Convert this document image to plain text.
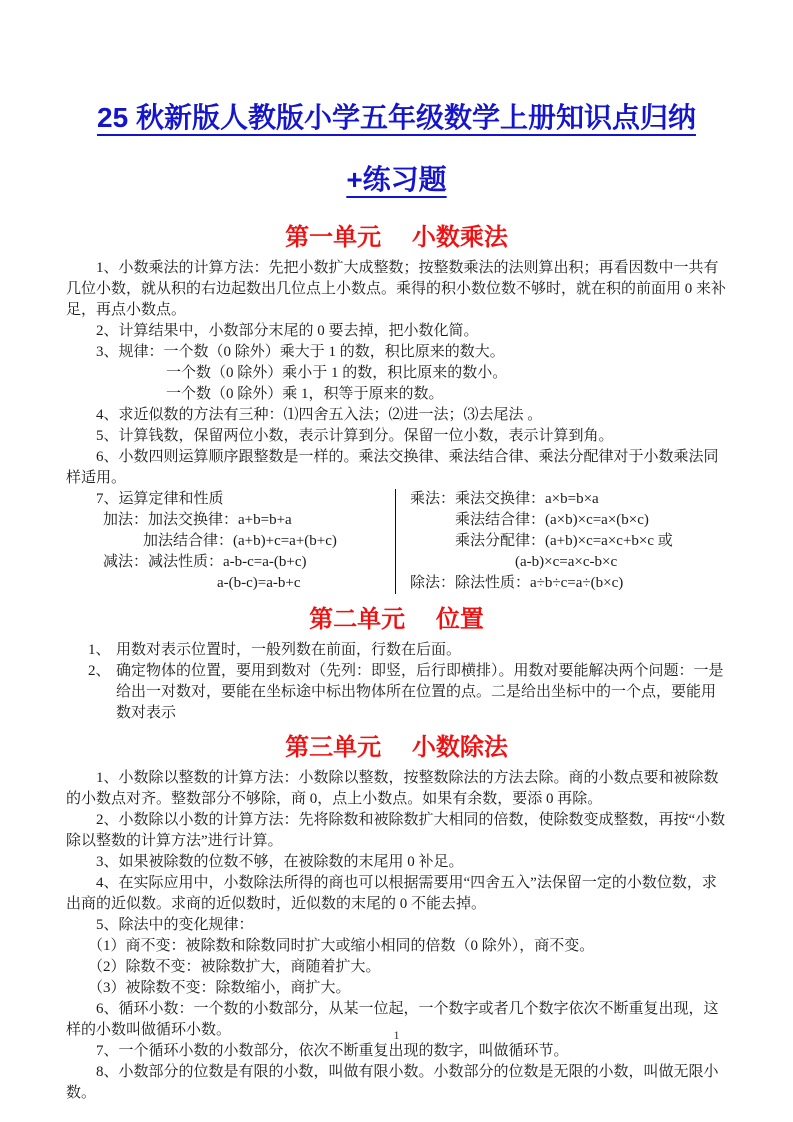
25 秋新版人教版小学五年级数学上册知识点归纳
+练习题
第一单元　 小数乘法
1、小数乘法的计算方法：先把小数扩大成整数；按整数乘法的法则算出积；再看因数中一共有几位小数，就从积的右边起数出几位点上小数点。乘得的积小数位数不够时，就在积的前面用 0 来补足，再点小数点。
2、计算结果中，小数部分末尾的 0 要去掉，把小数化简。
3、规律：一个数（0 除外）乘大于 1 的数，积比原来的数大。
一个数（0 除外）乘小于 1 的数，积比原来的数小。
一个数（0 除外）乘 1，积等于原来的数。
4、求近似数的方法有三种：⑴四舍五入法；⑵进一法；⑶去尾法 。
5、计算钱数，保留两位小数，表示计算到分。保留一位小数，表示计算到角。
6、小数四则运算顺序跟整数是一样的。乘法交换律、乘法结合律、乘法分配律对于小数乘法同样适用。
7、运算定律和性质
加法：加法交换律：a+b=b+a
加法结合律：(a+b)+c=a+(b+c)
减法：减法性质：a-b-c=a-(b+c)
a-(b-c)=a-b+c
乘法：乘法交换律：a×b=b×a
乘法结合律：(a×b)×c=a×(b×c)
乘法分配律：(a+b)×c=a×c+b×c 或
(a-b)×c=a×c-b×c
除法：除法性质：a÷b÷c=a÷(b×c)
第二单元　 位置
1、 用数对表示位置时，一般列数在前面，行数在后面。
2、 确定物体的位置，要用到数对（先列：即竖，后行即横排）。用数对要能解决两个问题：一是给出一对数对，要能在坐标途中标出物体所在位置的点。二是给出坐标中的一个点，要能用数对表示
第三单元　 小数除法
1、小数除以整数的计算方法：小数除以整数，按整数除法的方法去除。商的小数点要和被除数的小数点对齐。整数部分不够除，商 0，点上小数点。如果有余数，要添 0 再除。
2、小数除以小数的计算方法：先将除数和被除数扩大相同的倍数，使除数变成整数，再按“小数除以整数的计算方法”进行计算。
3、如果被除数的位数不够，在被除数的末尾用 0 补足。
4、在实际应用中，小数除法所得的商也可以根据需要用“四舍五入”法保留一定的小数位数，求出商的近似数。求商的近似数时，近似数的末尾的 0 不能去掉。
5、除法中的变化规律：
（1）商不变：被除数和除数同时扩大或缩小相同的倍数（0 除外），商不变。
（2）除数不变：被除数扩大，商随着扩大。
（3）被除数不变：除数缩小，商扩大。
6、循环小数：一个数的小数部分，从某一位起，一个数字或者几个数字依次不断重复出现，这样的小数叫做循环小数。
7、一个循环小数的小数部分，依次不断重复出现的数字，叫做循环节。
8、小数部分的位数是有限的小数，叫做有限小数。小数部分的位数是无限的小数，叫做无限小数。
1
